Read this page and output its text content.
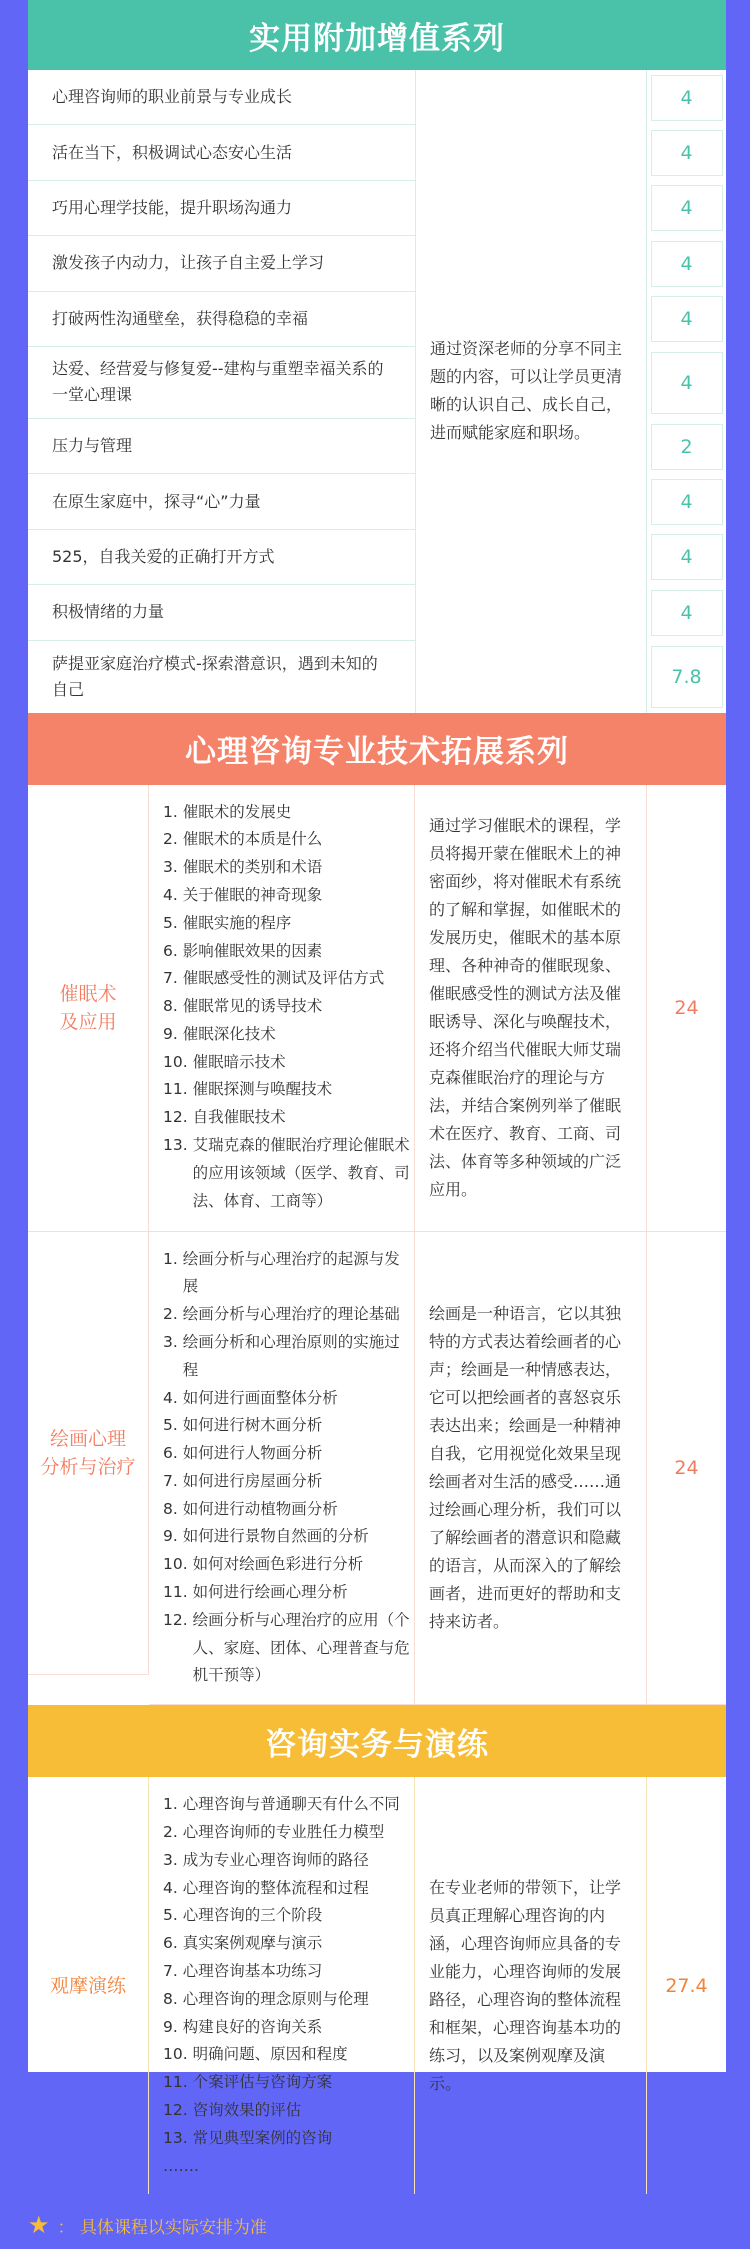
实用附加增值系列
心理咨询师的职业前景与专业成长
活在当下，积极调试心态安心生活
巧用心理学技能，提升职场沟通力
激发孩子内动力，让孩子自主爱上学习
打破两性沟通壁垒，获得稳稳的幸福
达爱、经营爱与修复爱--建构与重塑幸福关系的一堂心理课
压力与管理
在原生家庭中，探寻“心”力量
525，自我关爱的正确打开方式
积极情绪的力量
萨提亚家庭治疗模式-探索潜意识，遇到未知的自己
通过资深老师的分享不同主题的内容，可以让学员更清晰的认识自己、成长自己，进而赋能家庭和职场。
4
4
4
4
4
4
2
4
4
4
7.8
心理咨询专业技术拓展系列
催眠术
及应用
1. 催眠术的发展史
2. 催眠术的本质是什么
3. 催眠术的类别和术语
4. 关于催眠的神奇现象
5. 催眠实施的程序
6. 影响催眠效果的因素
7. 催眠感受性的测试及评估方式
8. 催眠常见的诱导技术
9. 催眠深化技术
10. 催眠暗示技术
11. 催眠探测与唤醒技术
12. 自我催眠技术
13. 艾瑞克森的催眠治疗理论催眠术的应用该领域（医学、教育、司法、体育、工商等）
通过学习催眠术的课程，学员将揭开蒙在催眠术上的神密面纱，将对催眠术有系统的了解和掌握，如催眠术的发展历史，催眠术的基本原理、各种神奇的催眠现象、催眠感受性的测试方法及催眠诱导、深化与唤醒技术，还将介绍当代催眠大师艾瑞克森催眠治疗的理论与方法，并结合案例列举了催眠术在医疗、教育、工商、司法、体育等多种领域的广泛应用。
24
绘画心理
分析与治疗
1. 绘画分析与心理治疗的起源与发展
2. 绘画分析与心理治疗的理论基础
3. 绘画分析和心理治原则的实施过程
4. 如何进行画面整体分析
5. 如何进行树木画分析
6. 如何进行人物画分析
7. 如何进行房屋画分析
8. 如何进行动植物画分析
9. 如何进行景物自然画的分析
10. 如何对绘画色彩进行分析
11. 如何进行绘画心理分析
12. 绘画分析与心理治疗的应用（个人、家庭、团体、心理普查与危机干预等）
绘画是一种语言，它以其独特的方式表达着绘画者的心声；绘画是一种情感表达，它可以把绘画者的喜怒哀乐表达出来；绘画是一种精神自我，它用视觉化效果呈现绘画者对生活的感受……通过绘画心理分析，我们可以了解绘画者的潜意识和隐藏的语言，从而深入的了解绘画者，进而更好的帮助和支持来访者。
24
咨询实务与演练
观摩演练
1. 心理咨询与普通聊天有什么不同
2. 心理咨询师的专业胜任力模型
3. 成为专业心理咨询师的路径
4. 心理咨询的整体流程和过程
5. 心理咨询的三个阶段
6. 真实案例观摩与演示
7. 心理咨询基本功练习
8. 心理咨询的理念原则与伦理
9. 构建良好的咨询关系
10. 明确问题、原因和程度
11. 个案评估与咨询方案
12. 咨询效果的评估
13. 常见典型案例的咨询
…….
在专业老师的带领下，让学员真正理解心理咨询的内涵，心理咨询师应具备的专业能力，心理咨询师的发展路径，心理咨询的整体流程和框架，心理咨询基本功的练习，以及案例观摩及演示。
27.4
★ ： 具体课程以实际安排为准
